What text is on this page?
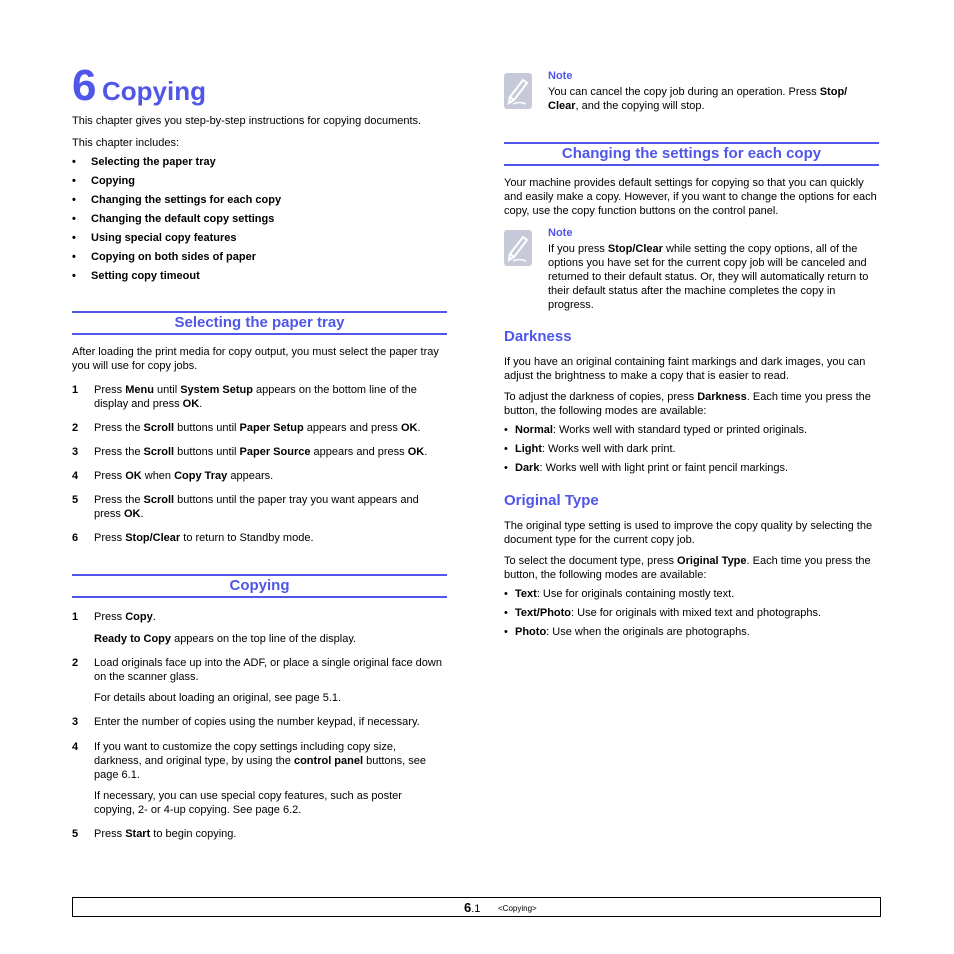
6 Copying

This chapter gives you step-by-step instructions for copying documents.

This chapter includes:

• Selecting the paper tray
• Copying
• Changing the settings for each copy
• Changing the default copy settings
• Using special copy features
• Copying on both sides of paper
• Setting copy timeout
Selecting the paper tray

After loading the print media for copy output, you must select the paper tray you will use for copy jobs.

1	Press Menu until System Setup appears on the bottom line of the display and press OK.
2	Press the Scroll buttons until Paper Setup appears and press OK.
3	Press the Scroll buttons until Paper Source appears and press OK.
4	Press OK when Copy Tray appears.
5	Press the Scroll buttons until the paper tray you want appears and press OK.
6	Press Stop/Clear to return to Standby mode.
Copying
1	Press Copy.

Ready to Copy appears on the top line of the display.

2	Load originals face up into the ADF, or place a single original face down on the scanner glass.

For details about loading an original, see page 5.1.

3	Enter the number of copies using the number keypad, if necessary.
4	If you want to customize the copy settings including copy size, darkness, and original type, by using the control panel buttons, see page 6.1.

If necessary, you can use special copy features, such as poster copying, 2- or 4-up copying. See page 6.2.

5	Press Start to begin copying.
Note

You can cancel the copy job during an operation. Press Stop/ Clear, and the copying will stop.

Changing the settings for each copy

Your machine provides default settings for copying so that you can quickly and easily make a copy. However, if you want to change the options for each copy, use the copy function buttons on the control panel.

Note

If you press Stop/Clear while setting the copy options, all of the options you have set for the current copy job will be canceled and returned to their default status. Or, they will automatically return to their default status after the machine completes the copy in progress.

Darkness

If you have an original containing faint markings and dark images, you can adjust the brightness to make a copy that is easier to read.

To adjust the darkness of copies, press Darkness. Each time you press the button, the following modes are available:

• Normal: Works well with standard typed or printed originals.
• Light: Works well with dark print.
• Dark: Works well with light print or faint pencil markings.
Original Type

The original type setting is used to improve the copy quality by selecting the document type for the current copy job.

To select the document type, press Original Type. Each time you press the button, the following modes are available:

• Text: Use for originals containing mostly text.
• Text/Photo: Use for originals with mixed text and photographs.
• Photo: Use when the originals are photographs.
6.1 <Copying>
